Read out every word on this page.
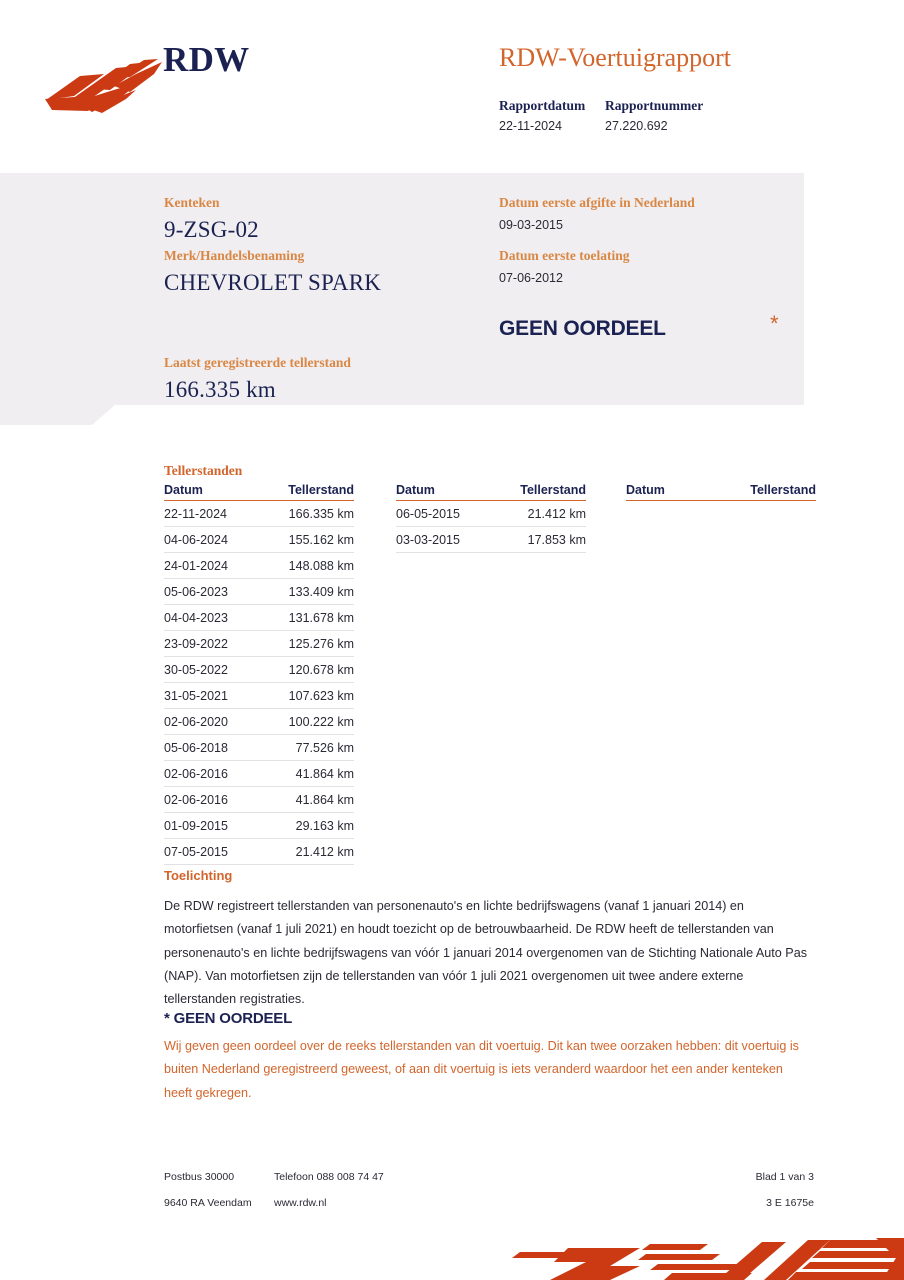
RDW	RDW-Voertuigrapport
Rapportdatum
22-11-2024
Rapportnummer
27.220.692
Kenteken
9-ZSG-02
Merk/Handelsbenaming
CHEVROLET SPARK
Laatst geregistreerde tellerstand
166.335 km
Datum eerste afgifte in Nederland
09-03-2015
Datum eerste toelating
07-06-2012
GEEN OORDEEL	*
Tellerstanden
Datum	Tellerstand
22-11-2024	166.335 km
04-06-2024	155.162 km
24-01-2024	148.088 km
05-06-2023	133.409 km
04-04-2023	131.678 km
23-09-2022	125.276 km
30-05-2022	120.678 km
31-05-2021	107.623 km
02-06-2020	100.222 km
05-06-2018	77.526 km
02-06-2016	41.864 km
02-06-2016	41.864 km
01-09-2015	29.163 km
07-05-2015	21.412 km
Datum	Tellerstand
06-05-2015	21.412 km
03-03-2015	17.853 km
Datum	Tellerstand
Toelichting
De RDW registreert tellerstanden van personenauto's en lichte bedrijfswagens (vanaf 1 januari 2014) en motorfietsen (vanaf 1 juli 2021) en houdt toezicht op de betrouwbaarheid. De RDW heeft de tellerstanden van personenauto's en lichte bedrijfswagens van vóór 1 januari 2014 overgenomen van de Stichting Nationale Auto Pas (NAP). Van motorfietsen zijn de tellerstanden van vóór 1 juli 2021 overgenomen uit twee andere externe tellerstanden registraties.
* GEEN OORDEEL
Wij geven geen oordeel over de reeks tellerstanden van dit voertuig. Dit kan twee oorzaken hebben: dit voertuig is buiten Nederland geregistreerd geweest, of aan dit voertuig is iets veranderd waardoor het een ander kenteken heeft gekregen.
Postbus 30000	Telefoon 088 008 74 47	Blad 1 van 3
9640 RA Veendam www.rdw.nl	3 E 1675e
